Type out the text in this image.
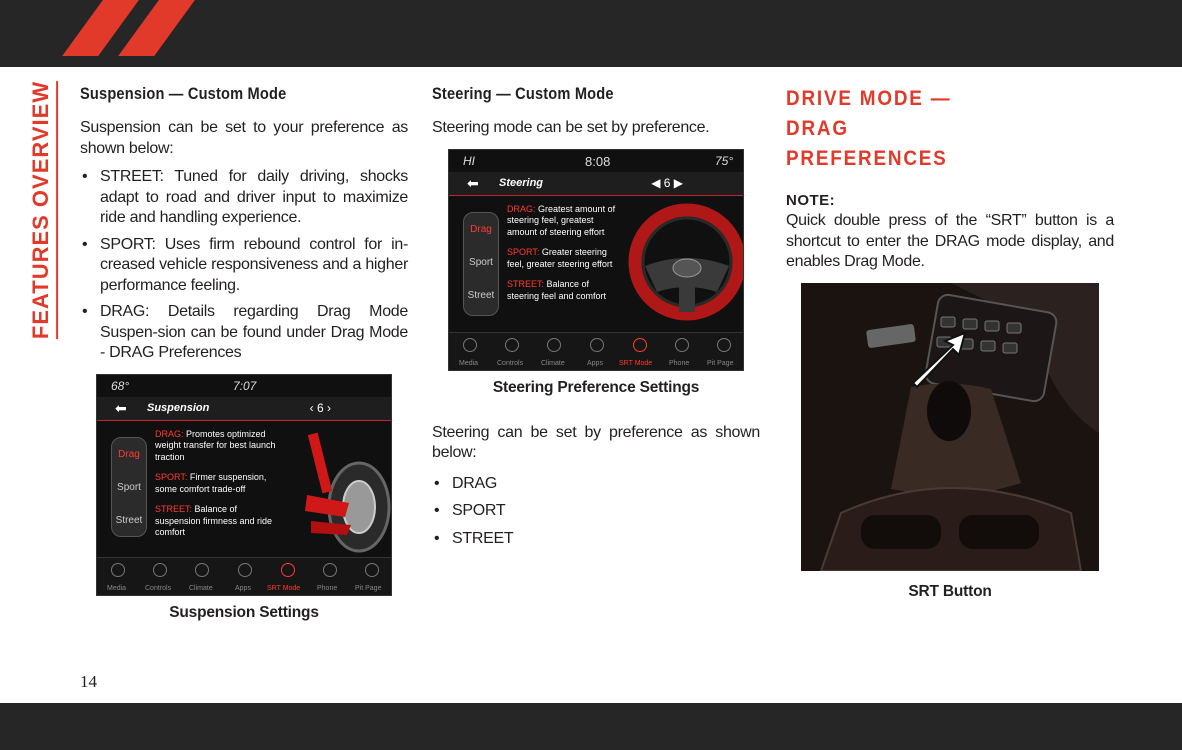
FEATURES OVERVIEW Suspension — Custom Mode

Suspension can be set to your preference as shown below:

• STREET: Tuned for daily driving, shocks adapt to road and driver input to maximize ride and handling experience.
• SPORT: Uses firm rebound control for in-creased vehicle responsiveness and a higher performance feeling.
• DRAG: Details regarding Drag Mode Suspen-sion can be found under Drag Mode - DRAG Preferences
68°	7:07
⬅ Suspension	‹ 6 ›
Drag
Sport
Street

DRAG: Promotes optimized weight transfer for best launch traction

SPORT: Firmer suspension, some comfort trade-off

STREET: Balance of suspension firmness and ride comfort

Media	Controls	Climate	Apps SRT Mode Phone	Pit Page
Suspension Settings
Steering — Custom Mode

Steering mode can be set by preference.

HI	8:08	75°
⬅ Steering	◀ 6 ▶
Drag
Sport
Street

DRAG: Greatest amount of steering feel, greatest amount of steering effort

SPORT: Greater steering feel, greater steering effort

STREET: Balance of steering feel and comfort

Media	Controls	Climate	Apps SRT Mode Phone	Pit Page
Steering Preference Settings

Steering can be set by preference as shown below:

• DRAG
• SPORT
• STREET
DRIVE MODE — DRAG PREFERENCES
NOTE:

Quick double press of the “SRT” button is a shortcut to enter the DRAG mode display, and enables Drag Mode.

SRT Button
14
